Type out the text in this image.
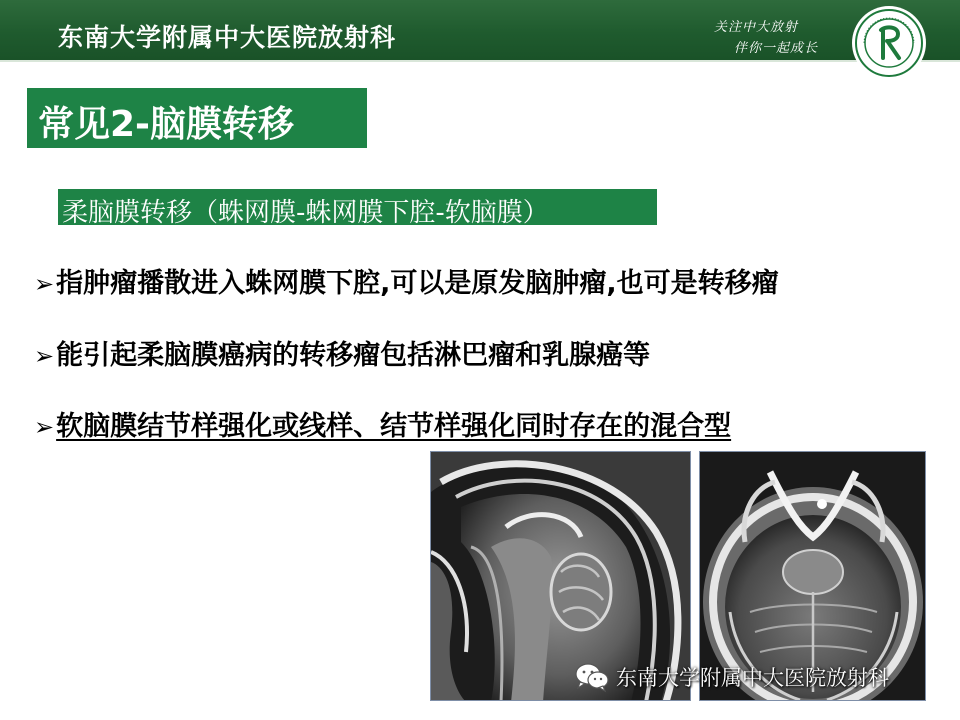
东南大学附属中大医院放射科	关注中大放射
伴你一起成长
常见2-脑膜转移
柔脑膜转移（蛛网膜-蛛网膜下腔-软脑膜）
➢指肿瘤播散进入蛛网膜下腔,可以是原发脑肿瘤,也可是转移瘤
➢能引起柔脑膜癌病的转移瘤包括淋巴瘤和乳腺癌等
➢软脑膜结节样强化或线样、结节样强化同时存在的混合型
东南大学附属中大医院放射科
